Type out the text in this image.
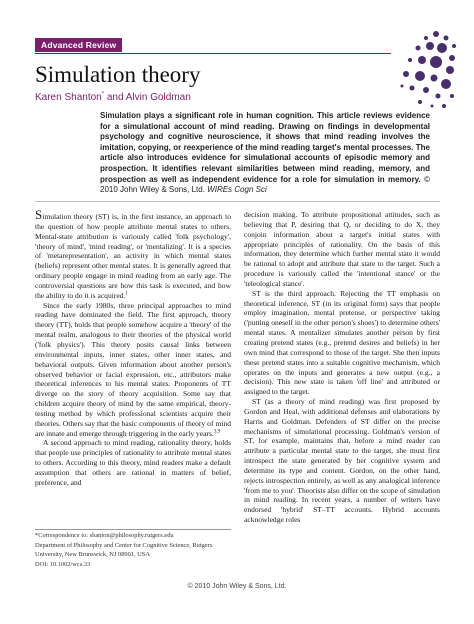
Advanced Review
Simulation theory
Karen Shanton* and Alvin Goldman
Simulation plays a significant role in human cognition. This article reviews evidence for a simulational account of mind reading. Drawing on findings in developmental psychology and cognitive neuroscience, it shows that mind reading involves the imitation, copying, or reexperience of the mind reading target's mental processes. The article also introduces evidence for simulational accounts of episodic memory and prospection. It identifies relevant similarities between mind reading, memory, and prospection as well as independent evidence for a role for simulation in memory. © 2010 John Wiley & Sons, Ltd. WIREs Cogn Sci

Simulation theory (ST) is, in the first instance, an approach to the question of how people attribute mental states to others. Mental-state attribution is variously called 'folk psychology', 'theory of mind', 'mind reading', or 'mentalizing'. It is a species of 'metarepresentation', an activity in which mental states (beliefs) represent other mental states. It is generally agreed that ordinary people engage in mind reading from an early age. The controversial questions are how this task is executed, and how the ability to do it is acquired.$^1$

Since the early 1980s, three principal approaches to mind reading have dominated the field. The first approach, theory theory (TT), holds that people somehow acquire a 'theory' of the mental realm, analogous to their theories of the physical world ('folk physics'). This theory posits causal links between environmental inputs, inner states, other inner states, and behavioral outputs. Given information about another person's observed behavior or facial expression, etc., attributors make theoretical inferences to his mental states. Proponents of TT diverge on the story of theory acquisition. Some say that children acquire theory of mind by the same empirical, theory-testing method by which professional scientists acquire their theories. Others say that the basic components of theory of mind are innate and emerge through triggering in the early years.$^{3,9}$

A second approach to mind reading, rationality theory, holds that people use principles of rationality to attribute mental states to others. According to this theory, mind readers make a default assumption that others are rational in matters of belief, preference, and

decision making. To attribute propositional attitudes, such as believing that P, desiring that Q, or deciding to do X, they conjoin information about a target's initial states with appropriate principles of rationality. On the basis of this information, they determine which further mental state it would be rational to adopt and attribute that state to the target. Such a procedure is variously called the 'intentional stance' or the 'teleological stance'.

ST is the third approach. Rejecting the TT emphasis on theoretical inference, ST (in its original form) says that people employ imagination, mental pretense, or perspective taking ('putting oneself in the other person's shoes') to determine others' mental states. A mentalizer simulates another person by first creating pretend states (e.g., pretend desires and beliefs) in her own mind that correspond to those of the target. She then inputs these pretend states into a suitable cognitive mechanism, which operates on the inputs and generates a new output (e.g., a decision). This new state is taken 'off line' and attributed or assigned to the target.

ST (as a theory of mind reading) was first proposed by Gordon and Heal, with additional defenses and elaborations by Harris and Goldman. Defenders of ST differ on the precise mechanisms of simulational processing. Goldman's version of ST, for example, maintains that, before a mind reader can attribute a particular mental state to the target, she must first introspect the state generated by her cognitive system and determine its type and content. Gordon, on the other hand, rejects introspection entirely, as well as any analogical inference 'from me to you'. Theorists also differ on the scope of simulation in mind reading. In recent years, a number of writers have endorsed 'hybrid' ST–TT accounts. Hybrid accounts acknowledge roles

*Correspondence to: shanton@philosophy.rutgers.edu

Department of Philosophy and Center for Cognitive Science, Rutgers University, New Brunswick, NJ 08901, USA

DOI: 10.1002/wcs.33

© 2010 John Wiley & Sons, Ltd.
